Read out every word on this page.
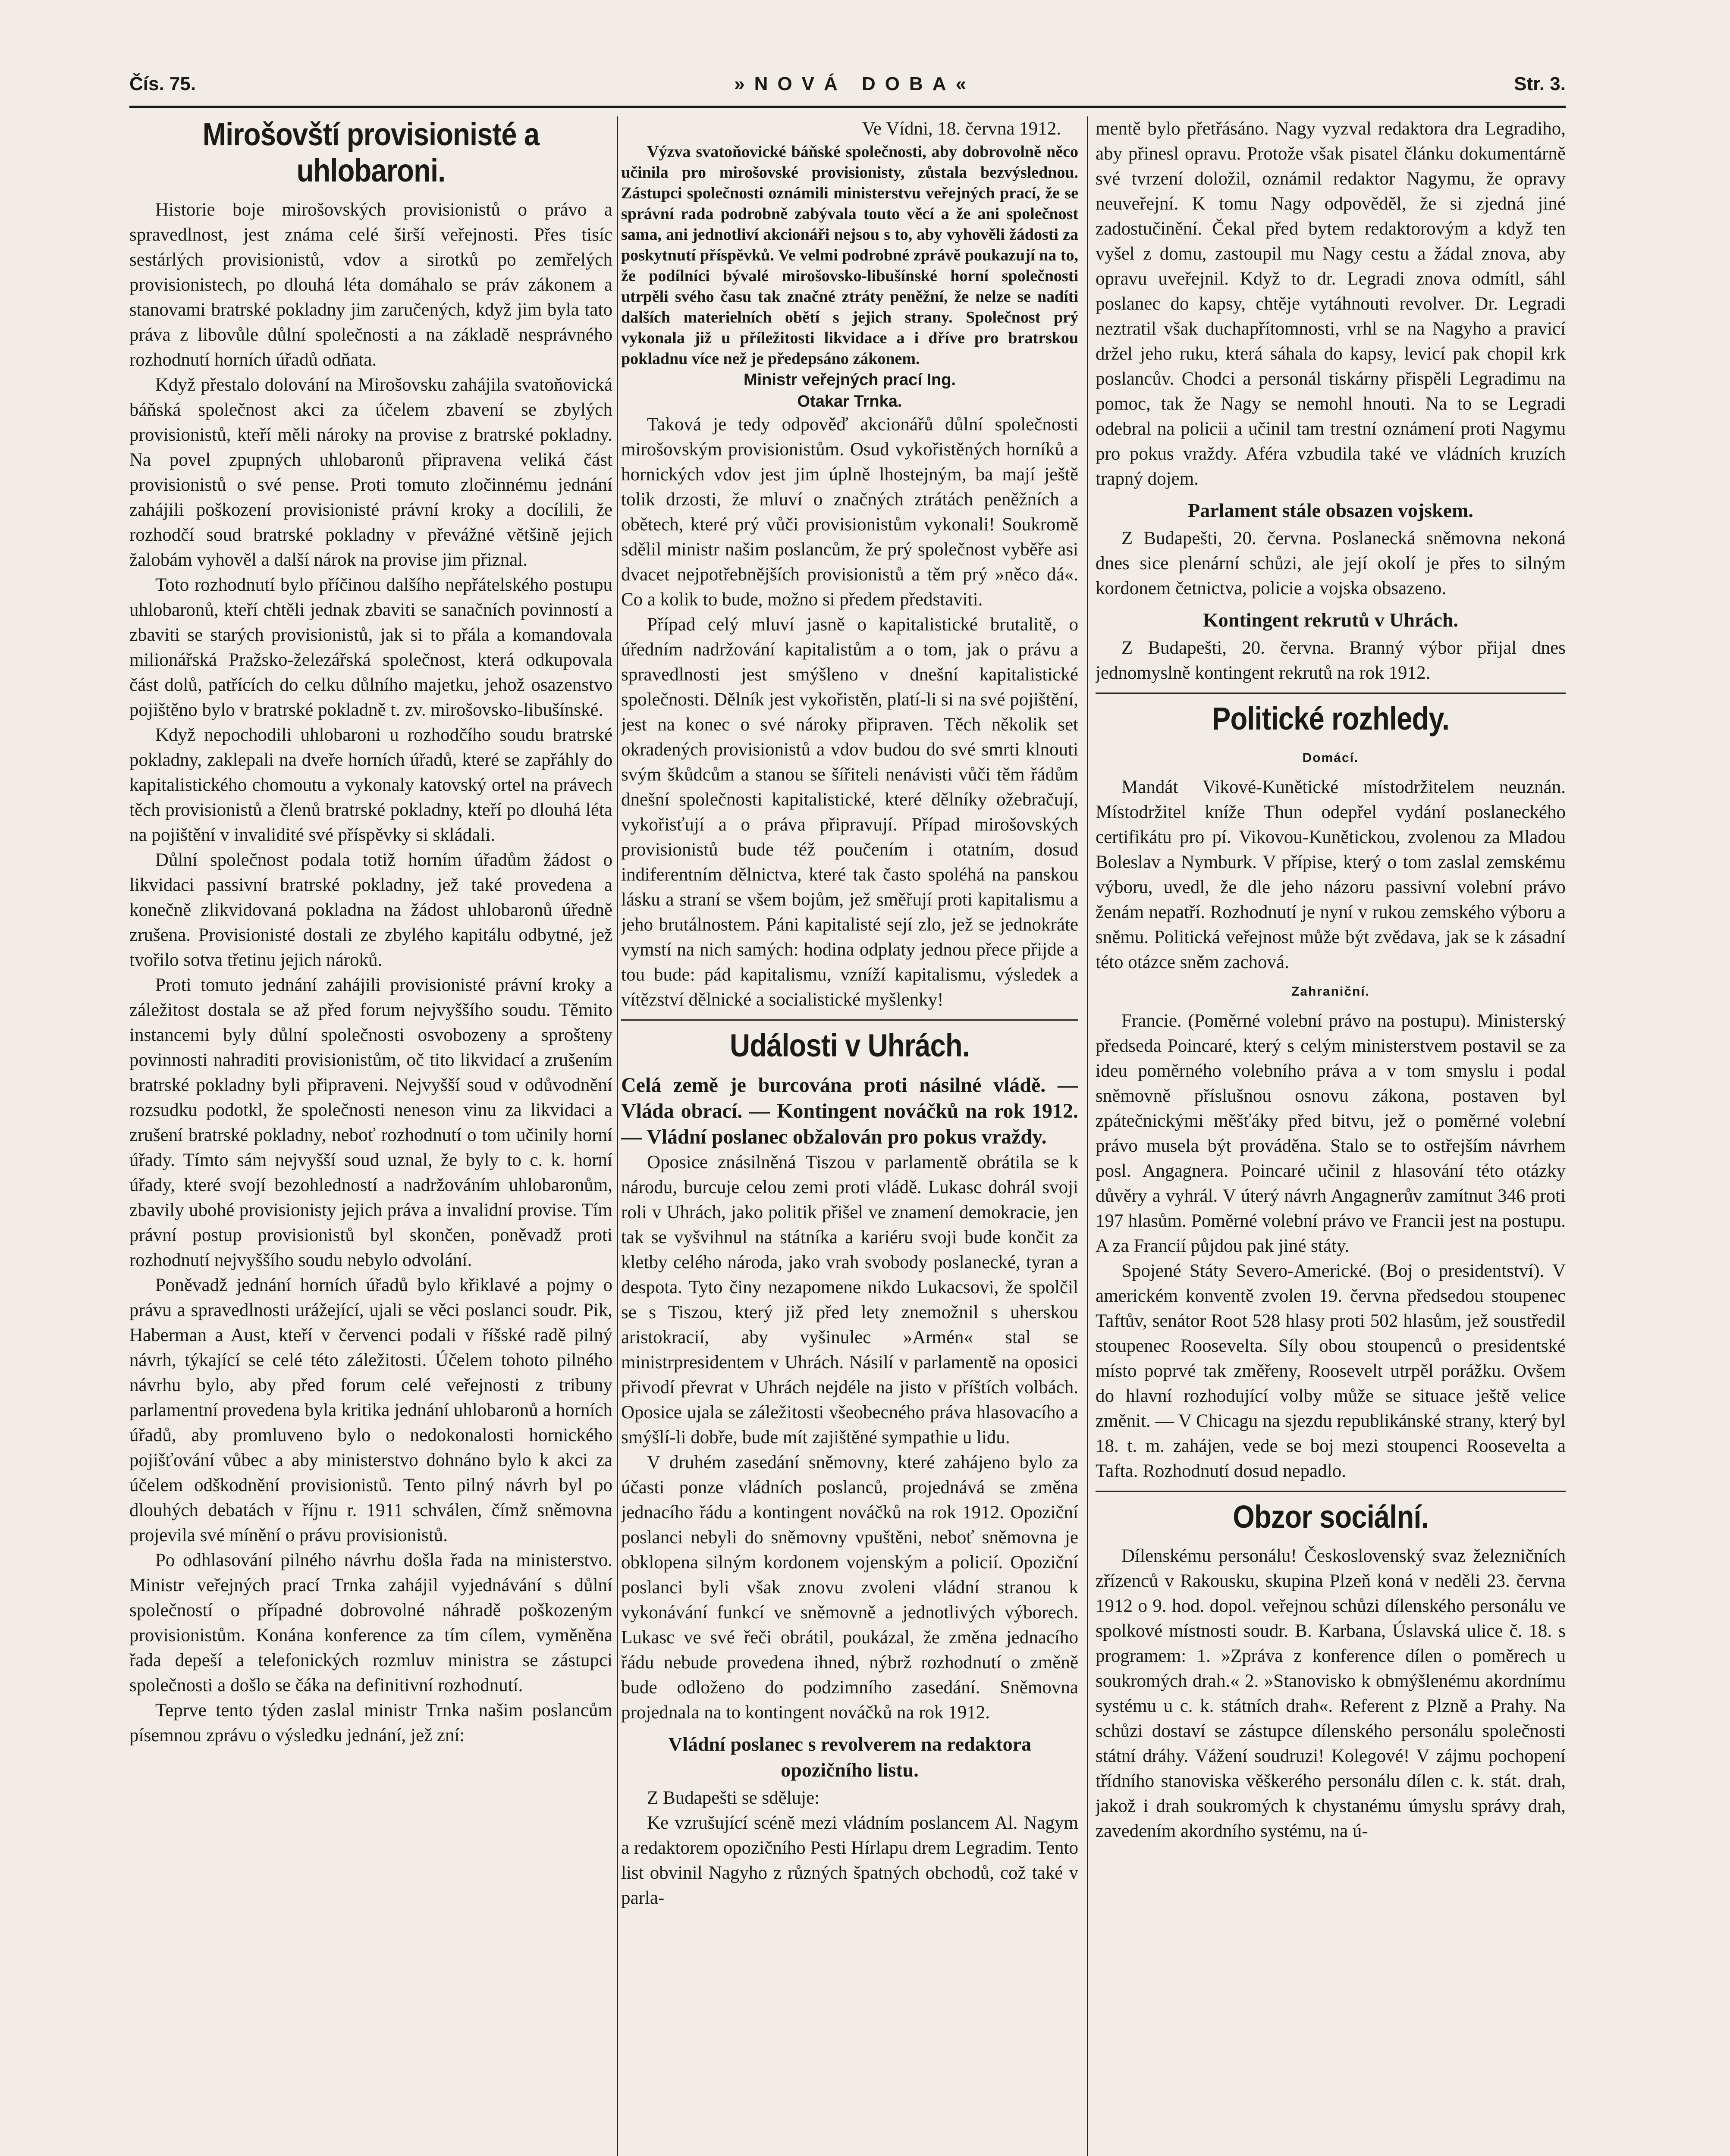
Čís. 75.	»NOVÁ DOBA«	Str. 3.
Mirošovští provisionisté a uhlobaroni.

Historie boje mirošovských provisionistů o právo a spravedlnost, jest známa celé širší veřejnosti. Přes tisíc sestárlých provisionistů, vdov a sirotků po zemřelých provisionistech, po dlouhá léta domáhalo se práv zákonem a stanovami bratrské pokladny jim zaručených, když jim byla tato práva z libovůle důlní společnosti a na základě nesprávného rozhodnutí horních úřadů odňata.

Když přestalo dolování na Mirošovsku zahájila svatoňovická báňská společnost akci za účelem zbavení se zbylých provisionistů, kteří měli nároky na provise z bratrské pokladny. Na povel zpupných uhlobaronů připravena veliká část provisionistů o své pense. Proti tomuto zločinnému jednání zahájili poškození provisionisté právní kroky a docílili, že rozhodčí soud bratrské pokladny v převážné většině jejich žalobám vyhověl a další nárok na provise jim přiznal.

Toto rozhodnutí bylo příčinou dalšího nepřátelského postupu uhlobaronů, kteří chtěli jednak zbaviti se sanačních povinností a zbaviti se starých provisionistů, jak si to přála a komandovala milionářská Pražsko-železářská společnost, která odkupovala část dolů, patřících do celku důlního majetku, jehož osazenstvo pojištěno bylo v bratrské pokladně t. zv. mirošovsko-libušínské.

Když nepochodili uhlobaroni u rozhodčího soudu bratrské pokladny, zaklepali na dveře horních úřadů, které se zapřáhly do kapitalistického chomoutu a vykonaly katovský ortel na právech těch provisionistů a členů bratrské pokladny, kteří po dlouhá léta na pojištění v invalidité své příspěvky si skládali.

Důlní společnost podala totiž horním úřadům žádost o likvidaci passivní bratrské pokladny, jež také provedena a konečně zlikvidovaná pokladna na žádost uhlobaronů úředně zrušena. Provisionisté dostali ze zbylého kapitálu odbytné, jež tvořilo sotva třetinu jejich nároků.

Proti tomuto jednání zahájili provisionisté právní kroky a záležitost dostala se až před forum nejvyššího soudu. Těmito instancemi byly důlní společnosti osvobozeny a sprošteny povinnosti nahraditi provisionistům, oč tito likvidací a zrušením bratrské pokladny byli připraveni. Nejvyšší soud v odůvodnění rozsudku podotkl, že společnosti neneson vinu za likvidaci a zrušení bratrské pokladny, neboť rozhodnutí o tom učinily horní úřady. Tímto sám nejvyšší soud uznal, že byly to c. k. horní úřady, které svojí bezohledností a nadržováním uhlobaronům, zbavily ubohé provisionisty jejich práva a invalidní provise. Tím právní postup provisionistů byl skončen, poněvadž proti rozhodnutí nejvyššího soudu nebylo odvolání.

Poněvadž jednání horních úřadů bylo křiklavé a pojmy o právu a spravedlnosti urážející, ujali se věci poslanci soudr. Pik, Haberman a Aust, kteří v červenci podali v říšské radě pilný návrh, týkající se celé této záležitosti. Účelem tohoto pilného návrhu bylo, aby před forum celé veřejnosti z tribuny parlamentní provedena byla kritika jednání uhlobaronů a horních úřadů, aby promluveno bylo o nedokonalosti hornického pojišťování vůbec a aby ministerstvo dohnáno bylo k akci za účelem odškodnění provisionistů. Tento pilný návrh byl po dlouhých debatách v říjnu r. 1911 schválen, čímž sněmovna projevila své mínění o právu provisionistů.

Po odhlasování pilného návrhu došla řada na ministerstvo. Ministr veřejných prací Trnka zahájil vyjednávání s důlní společností o případné dobrovolné náhradě poškozeným provisionistům. Konána konference za tím cílem, vyměněna řada depeší a telefonických rozmluv ministra se zástupci společnosti a došlo se čáka na definitivní rozhodnutí.

Teprve tento týden zaslal ministr Trnka našim poslancům písemnou zprávu o výsledku jednání, jež zní:

Ve Vídni, 18. června 1912.

Výzva svatoňovické báňské společnosti, aby dobrovolně něco učinila pro mirošovské provisionisty, zůstala bezvýslednou. Zástupci společnosti oznámili ministerstvu veřejných prací, že se správní rada podrobně zabývala touto věcí a že ani společnost sama, ani jednotliví akcionáři nejsou s to, aby vyhověli žádosti za poskytnutí příspěvků. Ve velmi podrobné zprávě poukazují na to, že podílníci bývalé mirošovsko-libušínské horní společnosti utrpěli svého času tak značné ztráty peněžní, že nelze se nadíti dalších materielních obětí s jejich strany. Společnost prý vykonala již u příležitosti likvidace a i dříve pro bratrskou pokladnu více než je předepsáno zákonem.

Ministr veřejných prací Ing.
Otakar Trnka.

Taková je tedy odpověď akcionářů důlní společnosti mirošovským provisionistům. Osud vykořistěných horníků a hornických vdov jest jim úplně lhostejným, ba mají ještě tolik drzosti, že mluví o značných ztrátách peněžních a obětech, které prý vůči provisionistům vykonali! Soukromě sdělil ministr našim poslancům, že prý společnost vyběře asi dvacet nejpotřebnějších provisionistů a těm prý »něco dá«. Co a kolik to bude, možno si předem představiti.

Případ celý mluví jasně o kapitalistické brutalitě, o úředním nadržování kapitalistům a o tom, jak o právu a spravedlnosti jest smýšleno v dnešní kapitalistické společnosti. Dělník jest vykořistěn, platí-li si na své pojištění, jest na konec o své nároky připraven. Těch několik set okradených provisionistů a vdov budou do své smrti klnouti svým škůdcům a stanou se šířiteli nenávisti vůči těm řádům dnešní společnosti kapitalistické, které dělníky ožebračují, vykořisťují a o práva připravují. Případ mirošovských provisionistů bude též poučením i otatním, dosud indiferentním dělnictva, které tak často spoléhá na panskou lásku a straní se všem bojům, jež směřují proti kapitalismu a jeho brutálnostem. Páni kapitalisté sejí zlo, jež se jednokráte vymstí na nich samých: hodina odplaty jednou přece přijde a tou bude: pád kapitalismu, vzníží kapitalismu, výsledek a vítězství dělnické a socialistické myšlenky!

Události v Uhrách.
Celá země je burcována proti násilné vládě. — Vláda obrací. — Kontingent nováčků na rok 1912. — Vládní poslanec obžalován pro pokus vraždy.

Oposice znásilněná Tiszou v parlamentě obrátila se k národu, burcuje celou zemi proti vládě. Lukasc dohrál svoji roli v Uhrách, jako politik přišel ve znamení demokracie, jen tak se vyšvihnul na státníka a kariéru svoji bude končit za kletby celého národa, jako vrah svobody poslanecké, tyran a despota. Tyto činy nezapomene nikdo Lukacsovi, že spolčil se s Tiszou, který již před lety znemožnil s uherskou aristokracií, aby vyšinulec »Armén« stal se ministrpresidentem v Uhrách. Násilí v parlamentě na oposici přivodí převrat v Uhrách nejdéle na jisto v příštích volbách. Oposice ujala se záležitosti všeobecného práva hlasovacího a smýšlí-li dobře, bude mít zajištěné sympathie u lidu.

V druhém zasedání sněmovny, které zahájeno bylo za účasti ponze vládních poslanců, projednává se změna jednacího řádu a kontingent nováčků na rok 1912. Opoziční poslanci nebyli do sněmovny vpuštěni, neboť sněmovna je obklopena silným kordonem vojenským a policií. Opoziční poslanci byli však znovu zvoleni vládní stranou k vykonávání funkcí ve sněmovně a jednotlivých výborech. Lukasc ve své řeči obrátil, poukázal, že změna jednacího řádu nebude provedena ihned, nýbrž rozhodnutí o změně bude odloženo do podzimního zasedání. Sněmovna projednala na to kontingent nováčků na rok 1912.

Vládní poslanec s revolverem na redaktora opozičního listu.

Z Budapešti se sděluje:

Ke vzrušující scéně mezi vládním poslancem Al. Nagym a redaktorem opozičního Pesti Hírlapu drem Legradim. Tento list obvinil Nagyho z různých špatných obchodů, což také v parla-

mentě bylo přetřásáno. Nagy vyzval redaktora dra Legradiho, aby přinesl opravu. Protože však pisatel článku dokumentárně své tvrzení doložil, oznámil redaktor Nagymu, že opravy neuveřejní. K tomu Nagy odpověděl, že si zjedná jiné zadostučinění. Čekal před bytem redaktorovým a když ten vyšel z domu, zastoupil mu Nagy cestu a žádal znova, aby opravu uveřejnil. Když to dr. Legradi znova odmítl, sáhl poslanec do kapsy, chtěje vytáhnouti revolver. Dr. Legradi neztratil však duchapřítomnosti, vrhl se na Nagyho a pravicí držel jeho ruku, která sáhala do kapsy, levicí pak chopil krk poslancův. Chodci a personál tiskárny přispěli Legradimu na pomoc, tak že Nagy se nemohl hnouti. Na to se Legradi odebral na policii a učinil tam trestní oznámení proti Nagymu pro pokus vraždy. Aféra vzbudila také ve vládních kruzích trapný dojem.

Parlament stále obsazen vojskem.

Z Budapešti, 20. června. Poslanecká sněmovna nekoná dnes sice plenární schůzi, ale její okolí je přes to silným kordonem četnictva, policie a vojska obsazeno.

Kontingent rekrutů v Uhrách.

Z Budapešti, 20. června. Branný výbor přijal dnes jednomyslně kontingent rekrutů na rok 1912.

Politické rozhledy.
Domácí.

Mandát Vikové-Kunětické místodržitelem neuznán. Místodržitel kníže Thun odepřel vydání poslaneckého certifikátu pro pí. Vikovou-Kunětickou, zvolenou za Mladou Boleslav a Nymburk. V přípise, který o tom zaslal zemskému výboru, uvedl, že dle jeho názoru passivní volební právo ženám nepatří. Rozhodnutí je nyní v rukou zemského výboru a sněmu. Politická veřejnost může být zvědava, jak se k zásadní této otázce sněm zachová.

Zahraniční.

Francie. (Poměrné volební právo na postupu). Ministerský předseda Poincaré, který s celým ministerstvem postavil se za ideu poměrného volebního práva a v tom smyslu i podal sněmovně příslušnou osnovu zákona, postaven byl zpátečnickými měšťáky před bitvu, jež o poměrné volební právo musela být prováděna. Stalo se to ostřejším návrhem posl. Angagnera. Poincaré učinil z hlasování této otázky důvěry a vyhrál. V úterý návrh Angagnerův zamítnut 346 proti 197 hlasům. Poměrné volební právo ve Francii jest na postupu. A za Francií půjdou pak jiné státy.

Spojené Státy Severo-Americké. (Boj o presidentství). V americkém konventě zvolen 19. června předsedou stoupenec Taftův, senátor Root 528 hlasy proti 502 hlasům, jež soustředil stoupenec Roosevelta. Síly obou stoupenců o presidentské místo poprvé tak změřeny, Roosevelt utrpěl porážku. Ovšem do hlavní rozhodující volby může se situace ještě velice změnit. — V Chicagu na sjezdu republikánské strany, který byl 18. t. m. zahájen, vede se boj mezi stoupenci Roosevelta a Tafta. Rozhodnutí dosud nepadlo.

Obzor sociální.

Dílenskému personálu! Československý svaz železničních zřízenců v Rakousku, skupina Plzeň koná v neděli 23. června 1912 o 9. hod. dopol. veřejnou schůzi dílenského personálu ve spolkové místnosti soudr. B. Karbana, Úslavská ulice č. 18. s programem: 1. »Zpráva z konference dílen o poměrech u soukromých drah.« 2. »Stanovisko k obmýšlenému akordnímu systému u c. k. státních drah«. Referent z Plzně a Prahy. Na schůzi dostaví se zástupce dílenského personálu společnosti státní dráhy. Vážení soudruzi! Kolegové! V zájmu pochopení třídního stanoviska věškerého personálu dílen c. k. stát. drah, jakož i drah soukromých k chystanému úmyslu správy drah, zavedením akordního systému, na ú-
